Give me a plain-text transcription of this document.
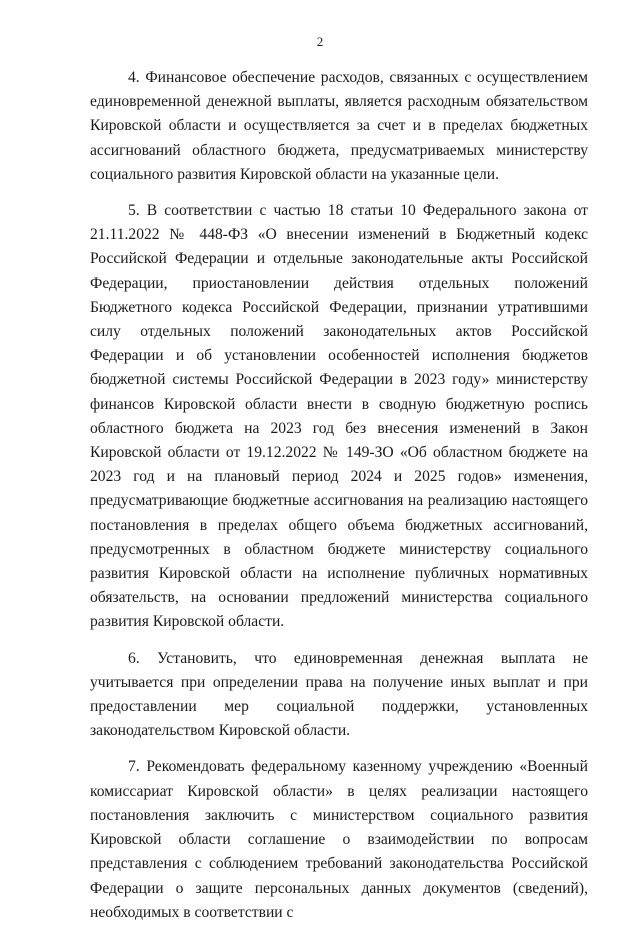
2

4. Финансовое обеспечение расходов, связанных с осуществлением единовременной денежной выплаты, является расходным обязательством Кировской области и осуществляется за счет и в пределах бюджетных ассигнований областного бюджета, предусматриваемых министерству социального развития Кировской области на указанные цели.

5. В соответствии с частью 18 статьи 10 Федерального закона от 21.11.2022 № 448-ФЗ «О внесении изменений в Бюджетный кодекс Российской Федерации и отдельные законодательные акты Российской Федерации, приостановлении действия отдельных положений Бюджетного кодекса Российской Федерации, признании утратившими силу отдельных положений законодательных актов Российской Федерации и об установлении особенностей исполнения бюджетов бюджетной системы Российской Федерации в 2023 году» министерству финансов Кировской области внести в сводную бюджетную роспись областного бюджета на 2023 год без внесения изменений в Закон Кировской области от 19.12.2022 № 149-ЗО «Об областном бюджете на 2023 год и на плановый период 2024 и 2025 годов» изменения, предусматривающие бюджетные ассигнования на реализацию настоящего постановления в пределах общего объема бюджетных ассигнований, предусмотренных в областном бюджете министерству социального развития Кировской области на исполнение публичных нормативных обязательств, на основании предложений министерства социального развития Кировской области.

6. Установить, что единовременная денежная выплата не учитывается при определении права на получение иных выплат и при предоставлении мер социальной поддержки, установленных законодательством Кировской области.

7. Рекомендовать федеральному казенному учреждению «Военный комиссариат Кировской области» в целях реализации настоящего постановления заключить с министерством социального развития Кировской области соглашение о взаимодействии по вопросам представления с соблюдением требований законодательства Российской Федерации о защите персональных данных документов (сведений), необходимых в соответствии с
